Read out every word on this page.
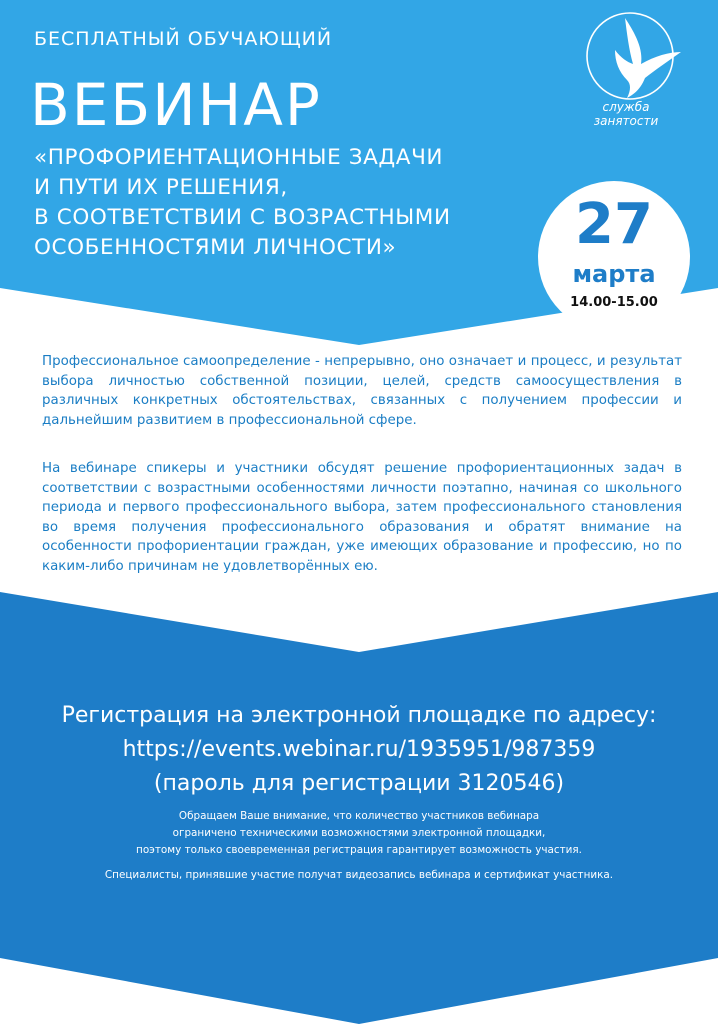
служба
занятости
БЕСПЛАТНЫЙ ОБУЧАЮЩИЙ
ВЕБИНАР
«ПРОФОРИЕНТАЦИОННЫЕ ЗАДАЧИ
И ПУТИ ИХ РЕШЕНИЯ,
В СООТВЕТСТВИИ С ВОЗРАСТНЫМИ
ОСОБЕННОСТЯМИ ЛИЧНОСТИ»	27
марта
14.00-15.00
Профессиональное самоопределение - непрерывно, оно означает и процесс, и результат выбора личностью собственной позиции, целей, средств самоосуществления в различных конкретных обстоятельствах, связанных с получением профессии и дальнейшим развитием в профессиональной сфере.
На вебинаре спикеры и участники обсудят решение профориентационных задач в соответствии с возрастными особенностями личности поэтапно, начиная со школьного периода и первого профессионального выбора, затем профессионального становления во время получения профессионального образования и обратят внимание на особенности профориентации граждан, уже имеющих образование и профессию, но по каким-либо причинам не удовлетворённых ею.
Регистрация на электронной площадке по адресу:
https://events.webinar.ru/1935951/987359
(пароль для регистрации 3120546)
Обращаем Ваше внимание, что количество участников вебинара
ограничено техническими возможностями электронной площадки,
поэтому только своевременная регистрация гарантирует возможность участия.
Специалисты, принявшие участие получат видеозапись вебинара и сертификат участника.
